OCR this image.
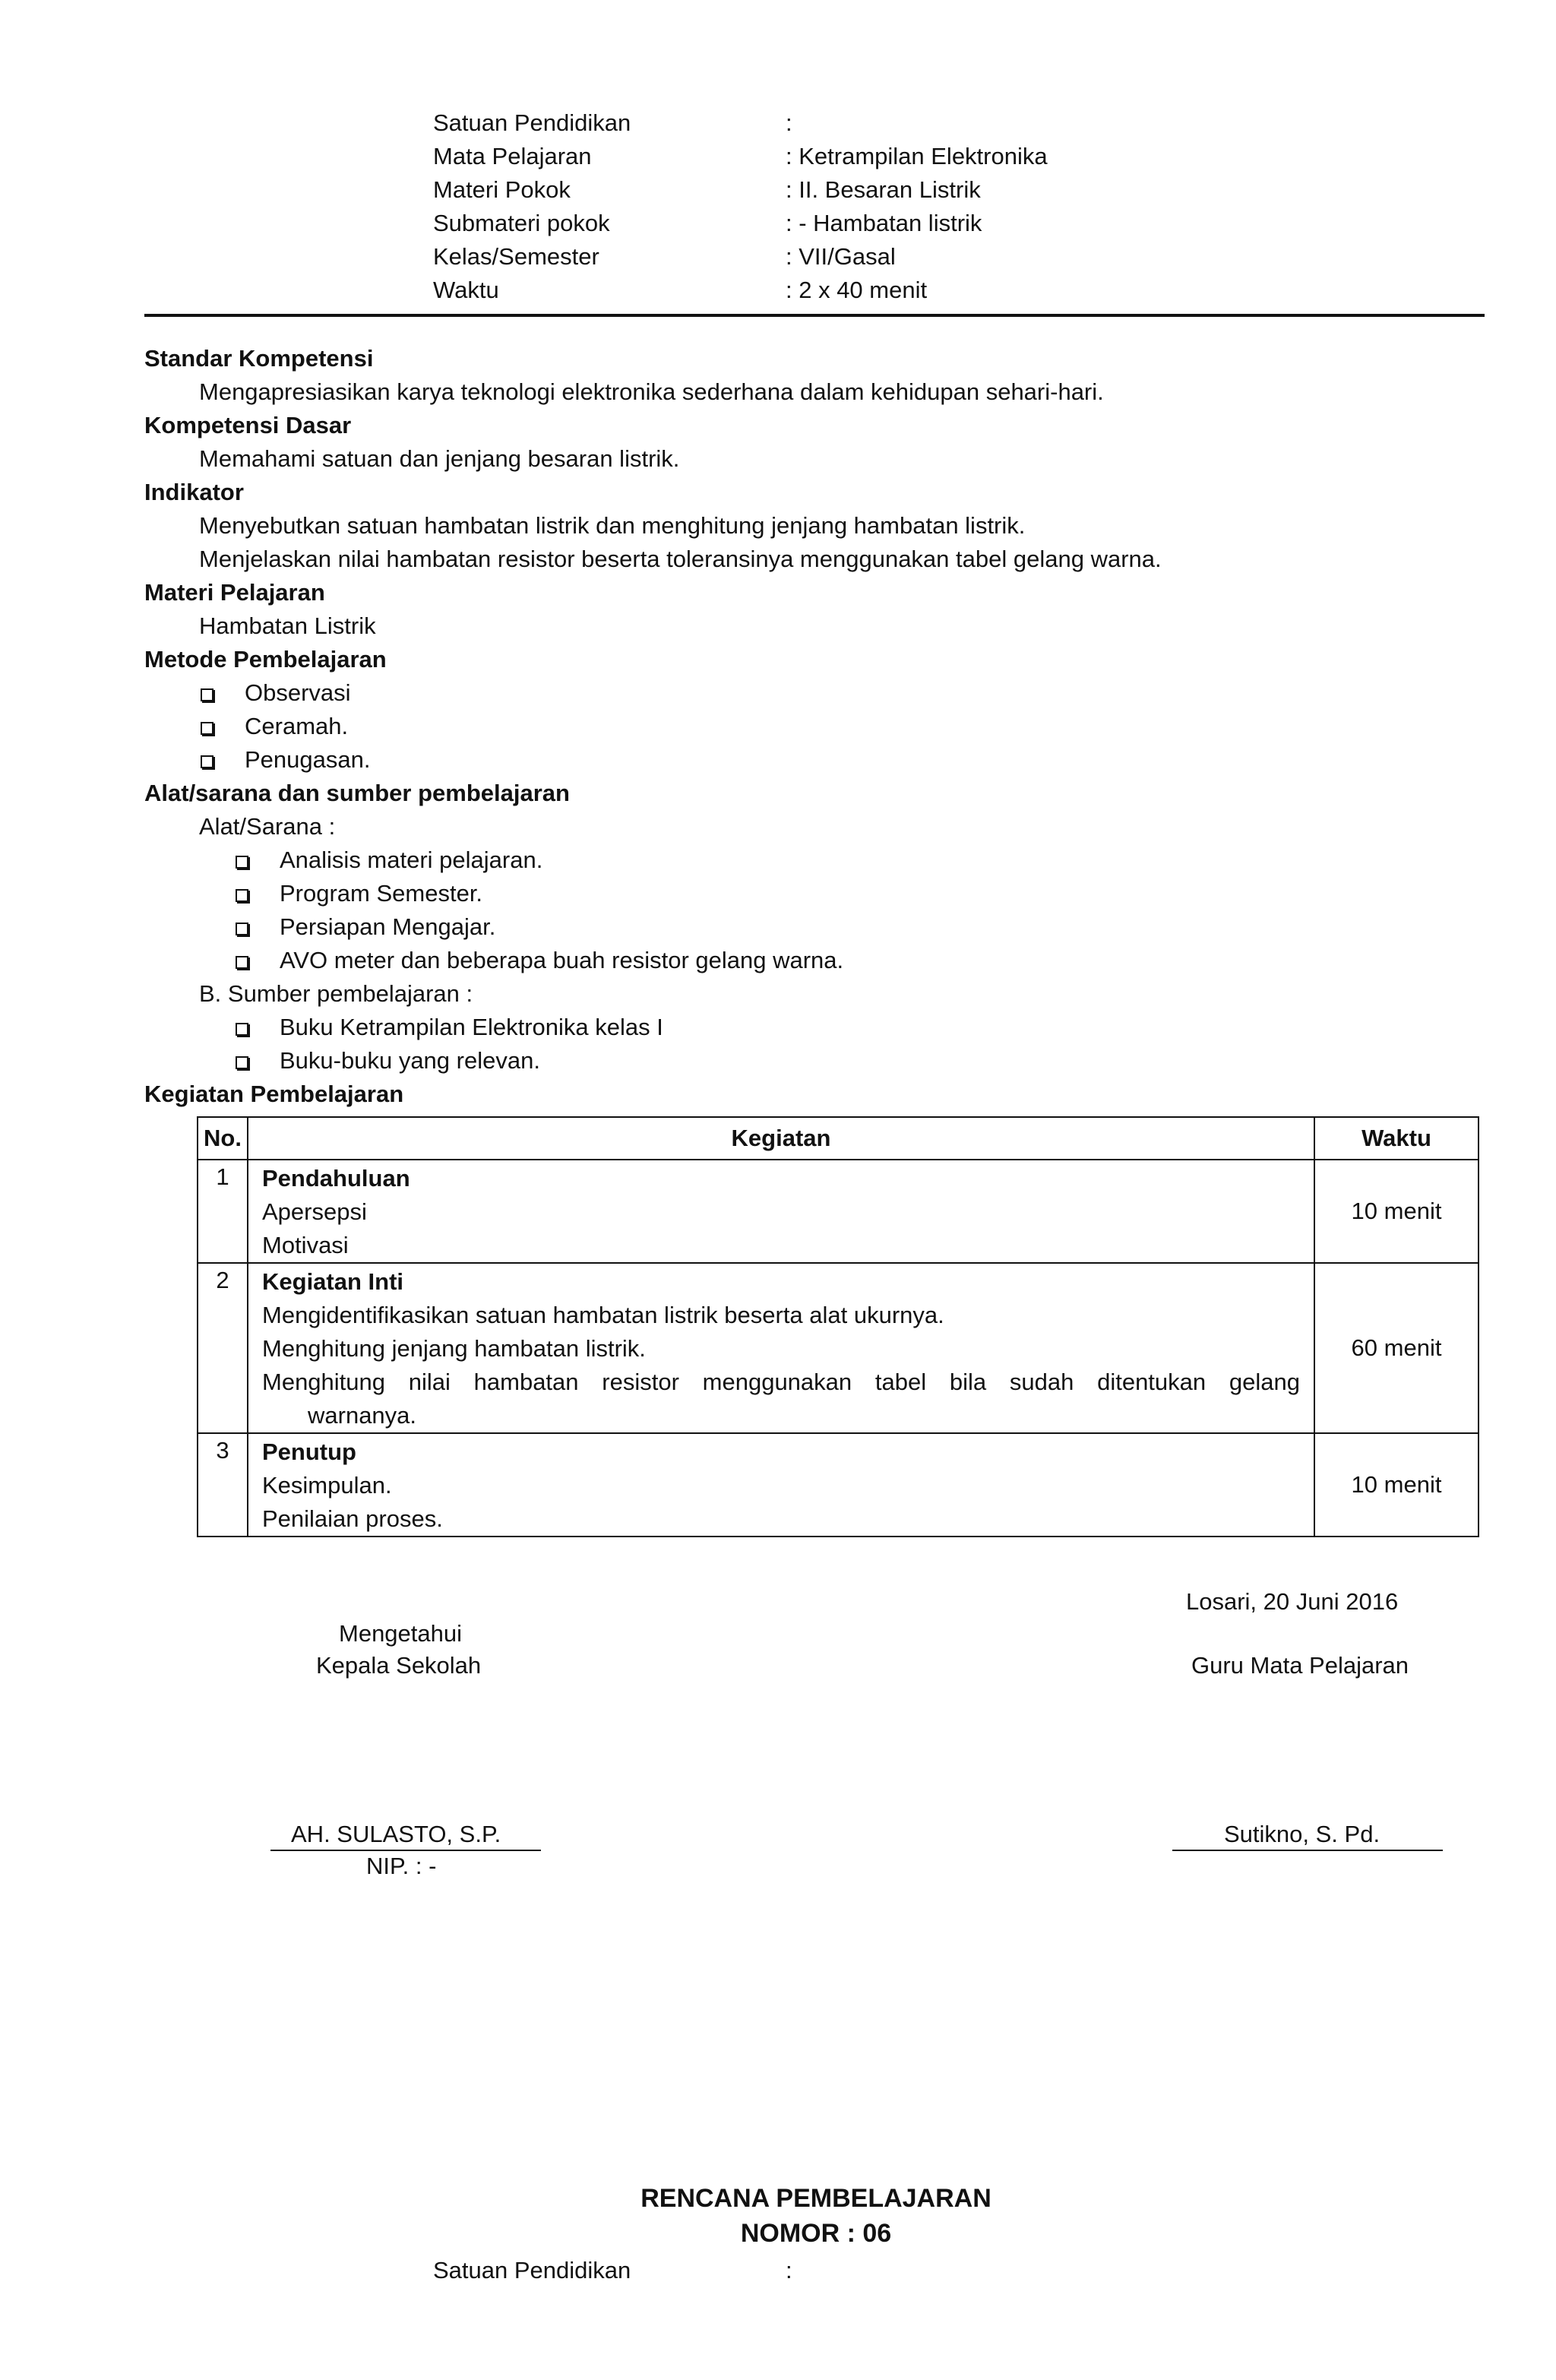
Satuan Pendidikan	:
Mata Pelajaran	: Ketrampilan Elektronika
Materi Pokok	: II. Besaran Listrik
Submateri pokok	: - Hambatan listrik
Kelas/Semester	: VII/Gasal
Waktu	: 2 x 40 menit
Standar Kompetensi
Mengapresiasikan karya teknologi elektronika sederhana dalam kehidupan sehari-hari.
Kompetensi Dasar
Memahami satuan dan jenjang besaran listrik.
Indikator
Menyebutkan satuan hambatan listrik dan menghitung jenjang hambatan listrik.
Menjelaskan nilai hambatan resistor beserta toleransinya menggunakan tabel gelang warna.
Materi Pelajaran
Hambatan Listrik
Metode Pembelajaran
Observasi
Ceramah.
Penugasan.
Alat/sarana dan sumber pembelajaran
Alat/Sarana :
Analisis materi pelajaran.
Program Semester.
Persiapan Mengajar.
AVO meter dan beberapa buah resistor gelang warna.
B. Sumber pembelajaran :
Buku Ketrampilan Elektronika kelas I
Buku-buku yang relevan.
Kegiatan Pembelajaran
No.	Kegiatan	Waktu

1	Pendahuluan
Apersepsi
Motivasi	10 menit

2	Kegiatan Inti
Mengidentifikasikan satuan hambatan listrik beserta alat ukurnya.
Menghitung jenjang hambatan listrik.
Menghitung nilai hambatan resistor menggunakan tabel bila sudah ditentukan gelang
warnanya.	60 menit

3	Penutup
Kesimpulan.
Penilaian proses.	10 menit
Losari, 20 Juni 2016
Mengetahui
Kepala Sekolah	Guru Mata Pelajaran
AH. SULASTO, S.P.
NIP. : -
Sutikno, S. Pd.
RENCANA PEMBELAJARAN
NOMOR : 06
Satuan Pendidikan	:
